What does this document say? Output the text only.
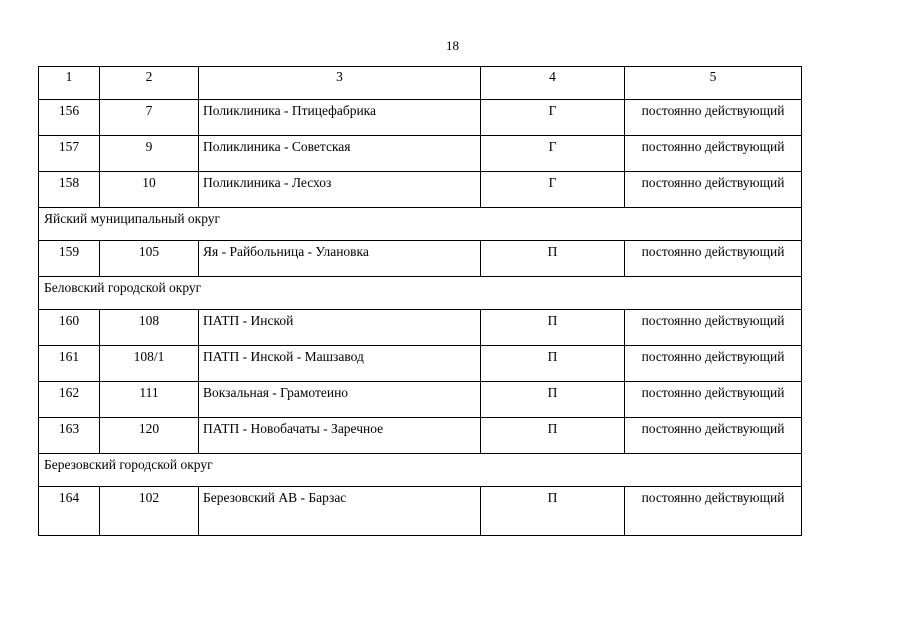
18
1	2	3	4	5
156	7	Поликлиника - Птицефабрика	Г	постоянно действующий
157	9	Поликлиника - Советская	Г	постоянно действующий
158	10	Поликлиника - Лесхоз	Г	постоянно действующий
Яйский муниципальный округ				
159	105	Яя - Райбольница - Улановка	П	постоянно действующий
Беловский городской округ				
160	108	ПАТП - Инской	П	постоянно действующий
161	108/1	ПАТП - Инской - Машзавод	П	постоянно действующий
162	111	Вокзальная - Грамотеино	П	постоянно действующий
163	120	ПАТП - Новобачаты - Заречное	П	постоянно действующий
Березовский городской округ				
164	102	Березовский АВ - Барзас	П	постоянно действующий
